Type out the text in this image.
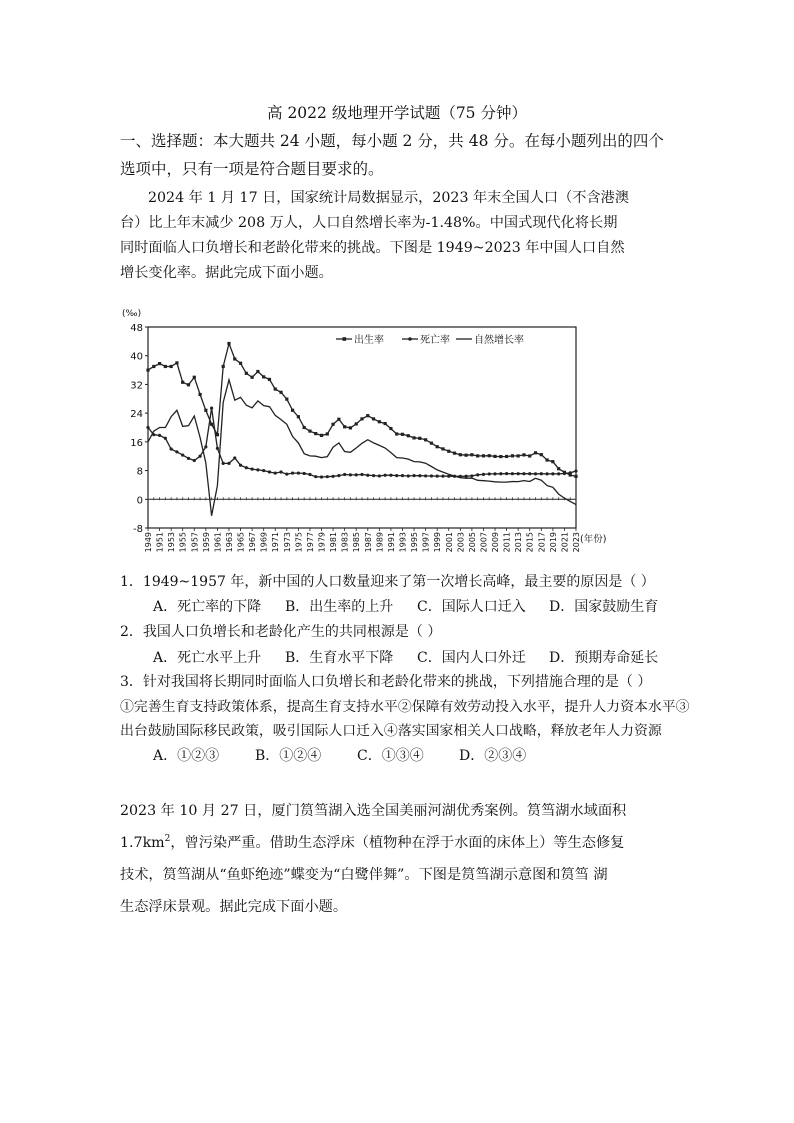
高 2022 级地理开学试题（75 分钟）
一、选择题：本大题共 24 小题，每小题 2 分，共 48 分。在每小题列出的四个
选项中，只有一项是符合题目要求的。
2024 年 1 月 17 日，国家统计局数据显示，2023 年末全国人口（不含港澳
台）比上年末减少 208 万人，人口自然增长率为-1.48%。中国式现代化将长期
同时面临人口负增长和老龄化带来的挑战。下图是 1949~2023 年中国人口自然
增长变化率。据此完成下面小题。
-8
0
8
16
24
32
40
48
(‰)
1949 1951 1953 1955 1957 1959 1961 1963 1965 1967 1969 1971 1973 1975 1977 1979 1981 1983 1985 1987 1989 1991 1993 1995 1997 1999 2001 2003 2005 2007 2009 2011 2013 2015 2017 2019 2021 2023 (年份)
出生率	死亡率 自然增长率
1．1949~1957 年，新中国的人口数量迎来了第一次增长高峰，最主要的原因是（ ）
A．死亡率的下降 B．出生率的上升 C．国际人口迁入 D．国家鼓励生育
2．我国人口负增长和老龄化产生的共同根源是（ ）
A．死亡水平上升 B．生育水平下降 C．国内人口外迁 D．预期寿命延长
3．针对我国将长期同时面临人口负增长和老龄化带来的挑战，下列措施合理的是（ ）
①完善生育支持政策体系，提高生育支持水平②保障有效劳动投入水平，提升人力资本水平③
出台鼓励国际移民政策，吸引国际人口迁入④落实国家相关人口战略，释放老年人力资源
A．①②③	B．①②④	C．①③④	D．②③④
2023 年 10 月 27 日，厦门筼筜湖入选全国美丽河湖优秀案例。筼筜湖水域面积
$1.7km^2$，曾污染严重。借助生态浮床（植物种在浮于水面的床体上）等生态修复
技术，筼筜湖从“鱼虾绝迹”蝶变为“白鹭伴舞”。下图是筼筜湖示意图和筼筜 湖
生态浮床景观。据此完成下面小题。
